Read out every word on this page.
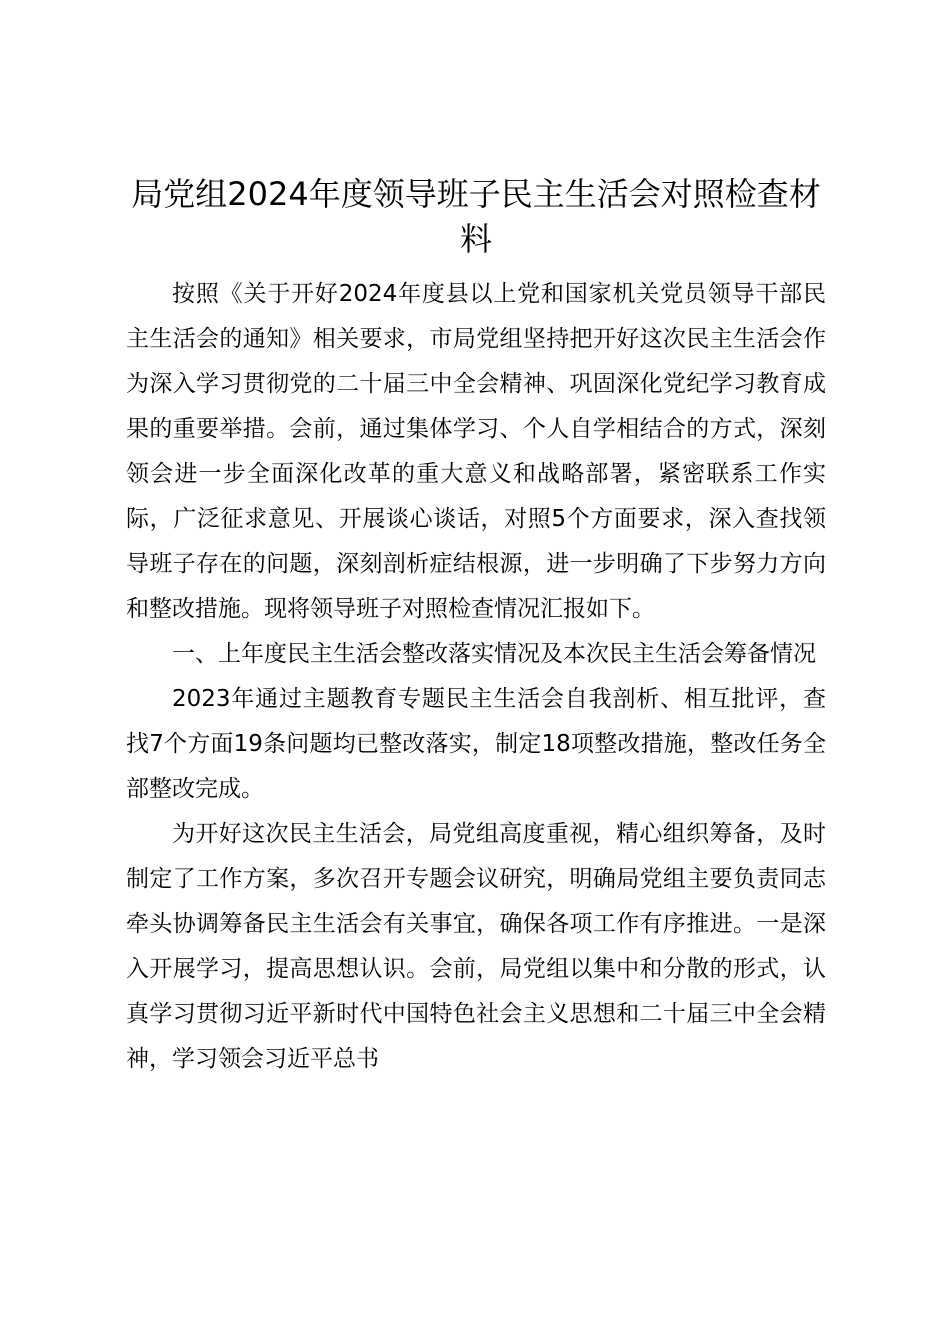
局党组2024年度领导班子民主生活会对照检查材料

按照《关于开好2024年度县以上党和国家机关党员领导干部民主生活会的通知》相关要求，市局党组坚持把开好这次民主生活会作为深入学习贯彻党的二十届三中全会精神、巩固深化党纪学习教育成果的重要举措。会前，通过集体学习、个人自学相结合的方式，深刻领会进一步全面深化改革的重大意义和战略部署，紧密联系工作实际，广泛征求意见、开展谈心谈话，对照5个方面要求，深入查找领导班子存在的问题，深刻剖析症结根源，进一步明确了下步努力方向和整改措施。现将领导班子对照检查情况汇报如下。

一、上年度民主生活会整改落实情况及本次民主生活会筹备情况

2023年通过主题教育专题民主生活会自我剖析、相互批评，查找7个方面19条问题均已整改落实，制定18项整改措施，整改任务全部整改完成。

为开好这次民主生活会，局党组高度重视，精心组织筹备，及时制定了工作方案，多次召开专题会议研究，明确局党组主要负责同志牵头协调筹备民主生活会有关事宜，确保各项工作有序推进。一是深入开展学习，提高思想认识。会前，局党组以集中和分散的形式，认真学习贯彻习近平新时代中国特色社会主义思想和二十届三中全会精神，学习领会习近平总书
